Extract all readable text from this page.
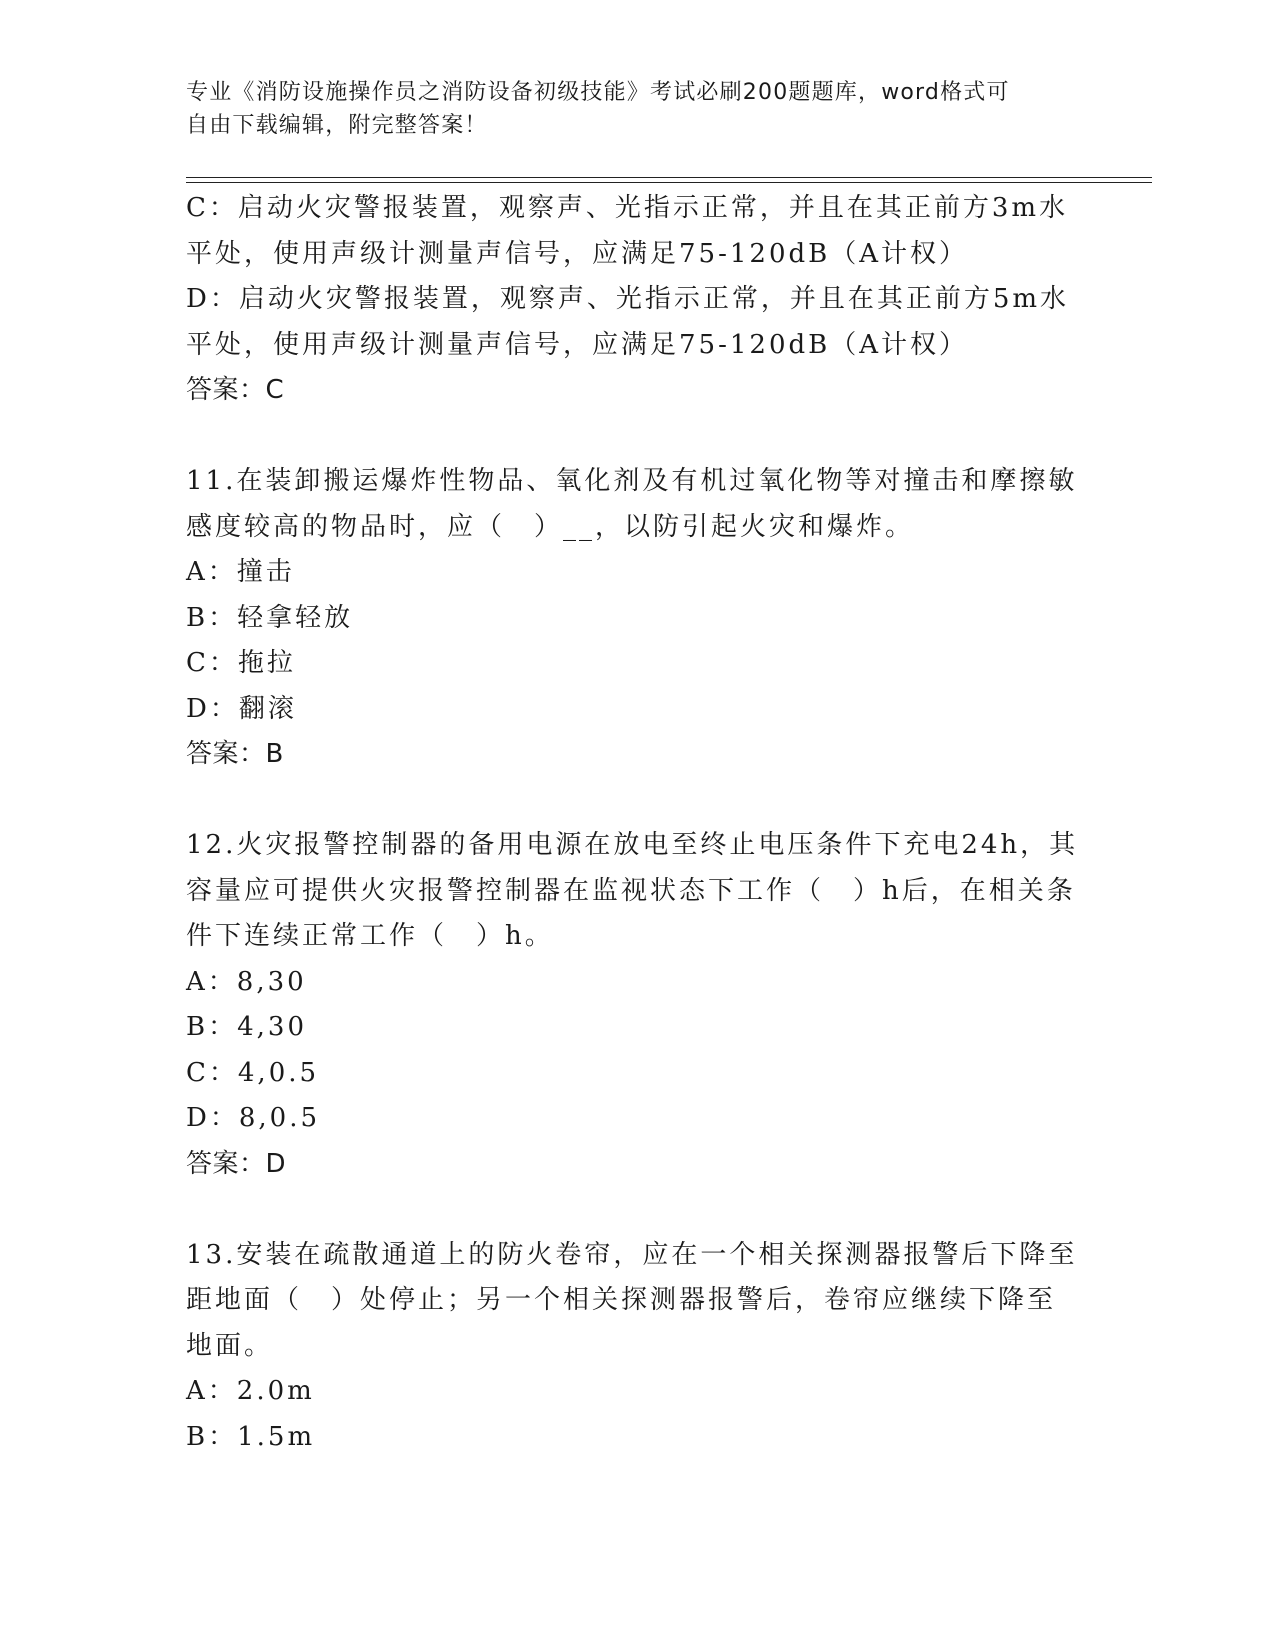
专业《消防设施操作员之消防设备初级技能》考试必刷200题题库，word格式可
自由下载编辑，附完整答案！
C：启动火灾警报装置，观察声、光指示正常，并且在其正前方3m水
平处，使用声级计测量声信号，应满足75-120dB（A计权）
D：启动火灾警报装置，观察声、光指示正常，并且在其正前方5m水
平处，使用声级计测量声信号，应满足75-120dB（A计权）
答案：C
11.在装卸搬运爆炸性物品、氧化剂及有机过氧化物等对撞击和摩擦敏
感度较高的物品时，应（　）__，以防引起火灾和爆炸。
A：撞击
B：轻拿轻放
C：拖拉
D：翻滚
答案：B
12.火灾报警控制器的备用电源在放电至终止电压条件下充电24h，其
容量应可提供火灾报警控制器在监视状态下工作（　）h后，在相关条
件下连续正常工作（　）h。
A：8,30
B：4,30
C：4,0.5
D：8,0.5
答案：D
13.安装在疏散通道上的防火卷帘，应在一个相关探测器报警后下降至
距地面（　）处停止；另一个相关探测器报警后，卷帘应继续下降至
地面。
A：2.0m
B：1.5m
